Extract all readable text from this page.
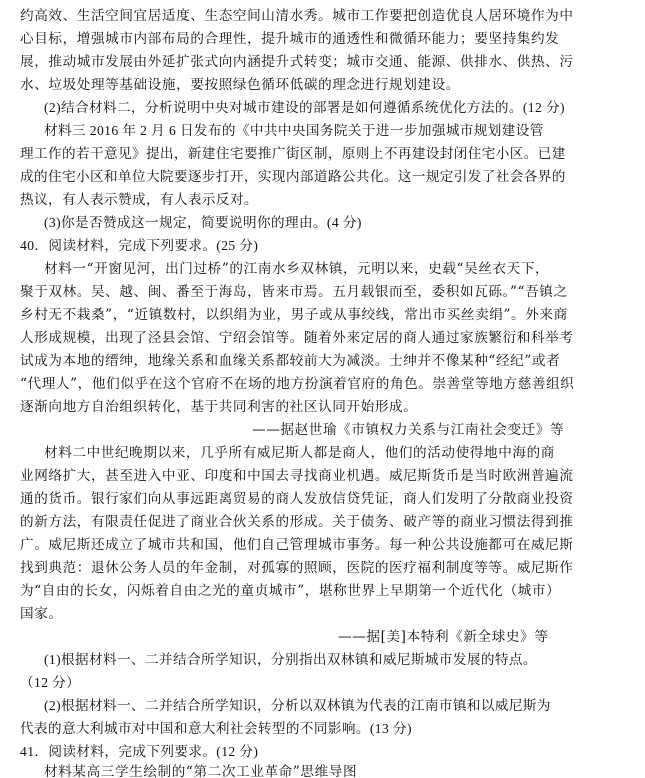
约高效、生活空间宜居适度、生态空间山清水秀。城市工作要把创造优良人居环境作为中
心目标，增强城市内部布局的合理性，提升城市的通透性和微循环能力；要坚持集约发
展，推动城市发展由外延扩张式向内涵提升式转变；城市交通、能源、供排水、供热、污
水、垃圾处理等基础设施，要按照绿色循环低碳的理念进行规划建设。
(2)结合材料二，分析说明中央对城市建设的部署是如何遵循系统优化方法的。(12 分)
材料三 2016 年 2 月 6 日发布的《中共中央国务院关于进一步加强城市规划建设管
理工作的若干意见》提出，新建住宅要推广街区制，原则上不再建设封闭住宅小区。已建
成的住宅小区和单位大院要逐步打开，实现内部道路公共化。这一规定引发了社会各界的
热议，有人表示赞成，有人表示反对。
(3)你是否赞成这一规定，简要说明你的理由。(4 分)
40．阅读材料，完成下列要求。(25 分)
材料一“开窗见河，出门过桥”的江南水乡双林镇，元明以来，史载“吴丝衣天下，
聚于双林。吴、越、闽、番至于海岛，皆来市焉。五月载银而至，委积如瓦砾。”“吾镇之
乡村无不栽桑”，“近镇数村，以织绢为业，男子或从事绞线，常出市买丝卖绢”。外来商
人形成规模，出现了泾县会馆、宁绍会馆等。随着外来定居的商人通过家族繁衍和科举考
试成为本地的缙绅，地缘关系和血缘关系都较前大为减淡。士绅并不像某种“经纪”或者
“代理人”，他们似乎在这个官府不在场的地方扮演着官府的角色。崇善堂等地方慈善组织
逐渐向地方自治组织转化，基于共同利害的社区认同开始形成。
——据赵世瑜《市镇权力关系与江南社会变迁》等
材料二中世纪晚期以来，几乎所有威尼斯人都是商人，他们的活动使得地中海的商
业网络扩大，甚至进入中亚、印度和中国去寻找商业机遇。威尼斯货币是当时欧洲普遍流
通的货币。银行家们向从事远距离贸易的商人发放信贷凭证，商人们发明了分散商业投资
的新方法，有限责任促进了商业合伙关系的形成。关于债务、破产等的商业习惯法得到推
广。威尼斯还成立了城市共和国，他们自己管理城市事务。每一种公共设施都可在威尼斯
找到典范：退休公务人员的年金制，对孤寡的照顾，医院的医疗福利制度等等。威尼斯作
为“自由的长女，闪烁着自由之光的童贞城市”，堪称世界上早期第一个近代化（城市）
国家。
——据[美]本特利《新全球史》等
(1)根据材料一、二并结合所学知识，分别指出双林镇和威尼斯城市发展的特点。
（12 分）
(2)根据材料一、二并结合所学知识，分析以双林镇为代表的江南市镇和以威尼斯为
代表的意大利城市对中国和意大利社会转型的不同影响。(13 分)
41．阅读材料，完成下列要求。(12 分)
材料某高三学生绘制的“第二次工业革命”思维导图
